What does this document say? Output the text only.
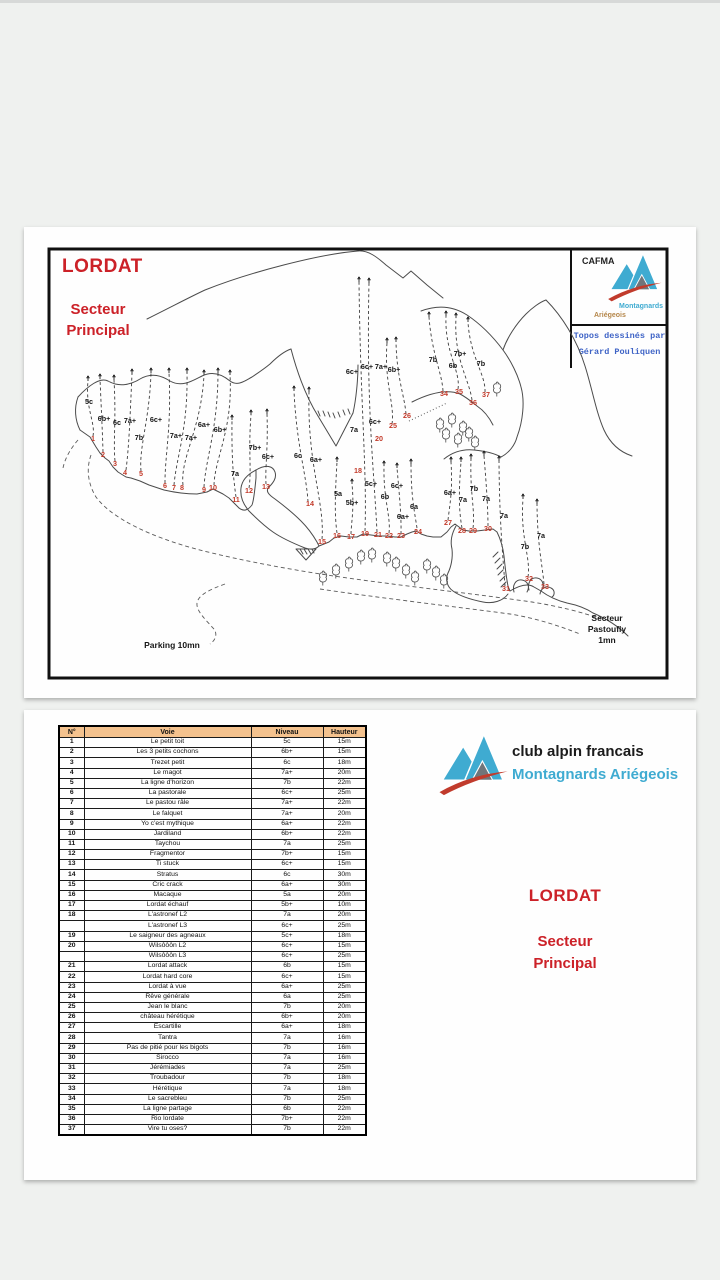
LORDAT
Secteur
Principal
CAFMA
Montagnards
Ariégeois
Topos dessinés par
Gérard Pouliquen
N°	Voie	Niveau	Hauteur
1	Le petit toit	5c	15m
2	Les 3 petits cochons	6b+	15m
3	Trezet petit	6c	18m
4	Le magot	7a+	20m
5	La ligne d'horizon	7b	22m
6	La pastorale	6c+	25m
7	Le pastou râle	7a+	22m
8	Le falquet	7a+	20m
9	Yo c'est mythique	6a+	22m
10	Jardiland	6b+	22m
11	Taychou	7a	25m
12	Fragmentor	7b+	15m
13	Ti stuck	6c+	15m
14	Stratus	6c	30m
15	Cric crack	6a+	30m
16	Macaque	5a	20m
17	Lordat échauf	5b+	10m
18	L'astronef L2	7a	20m
	L'astronef L3	6c+	25m
19	Le saigneur des agneaux	5c+	18m
20	Wilsôôôn L2	6c+	15m
	Wilsôôôn L3	6c+	25m
21	Lordat attack	6b	15m
22	Lordat hard core	6c+	15m
23	Lordat à vue	6a+	25m
24	Rêve générale	6a	25m
25	Jean le blanc	7b	20m
26	château hérétique	6b+	20m
27	Escartille	6a+	18m
28	Tantra	7a	16m
29	Pas de pitié pour les bigots	7b	16m
30	Sirocco	7a	16m
31	Jérémiades	7a	25m
32	Troubadour	7b	18m
33	Hérétique	7a	18m
34	Le sacrebleu	7b	25m
35	La ligne partage	6b	22m
36	Rio lordate	7b+	22m
37	Vire tu oses?	7b	22m
club alpin francais
Montagnards Ariégeois
LORDAT
Secteur
Principal
5c
6b+ 6c 7a+
7b
6c+
7a+ 7a+
6a+
6b+
7a
7b+
6c+	6c 6a+
5a
5b+
5c+
6b
6c+
6a+
6a
7a
6c+
6c+
6c+ 7a+ 6b+
7b
7b+
6b	7b
6a+
7a
7b
7a
7a
7b
7a
1
2
3
4 5
6 7 8	9 10
11
12 13
14
15
16 17
18
19
20
21 22 23 24
25
26
27
28 29 30
31
32
33
34 35
36
37
Parking 10mn
Secteur
Pastoufly
1mn
